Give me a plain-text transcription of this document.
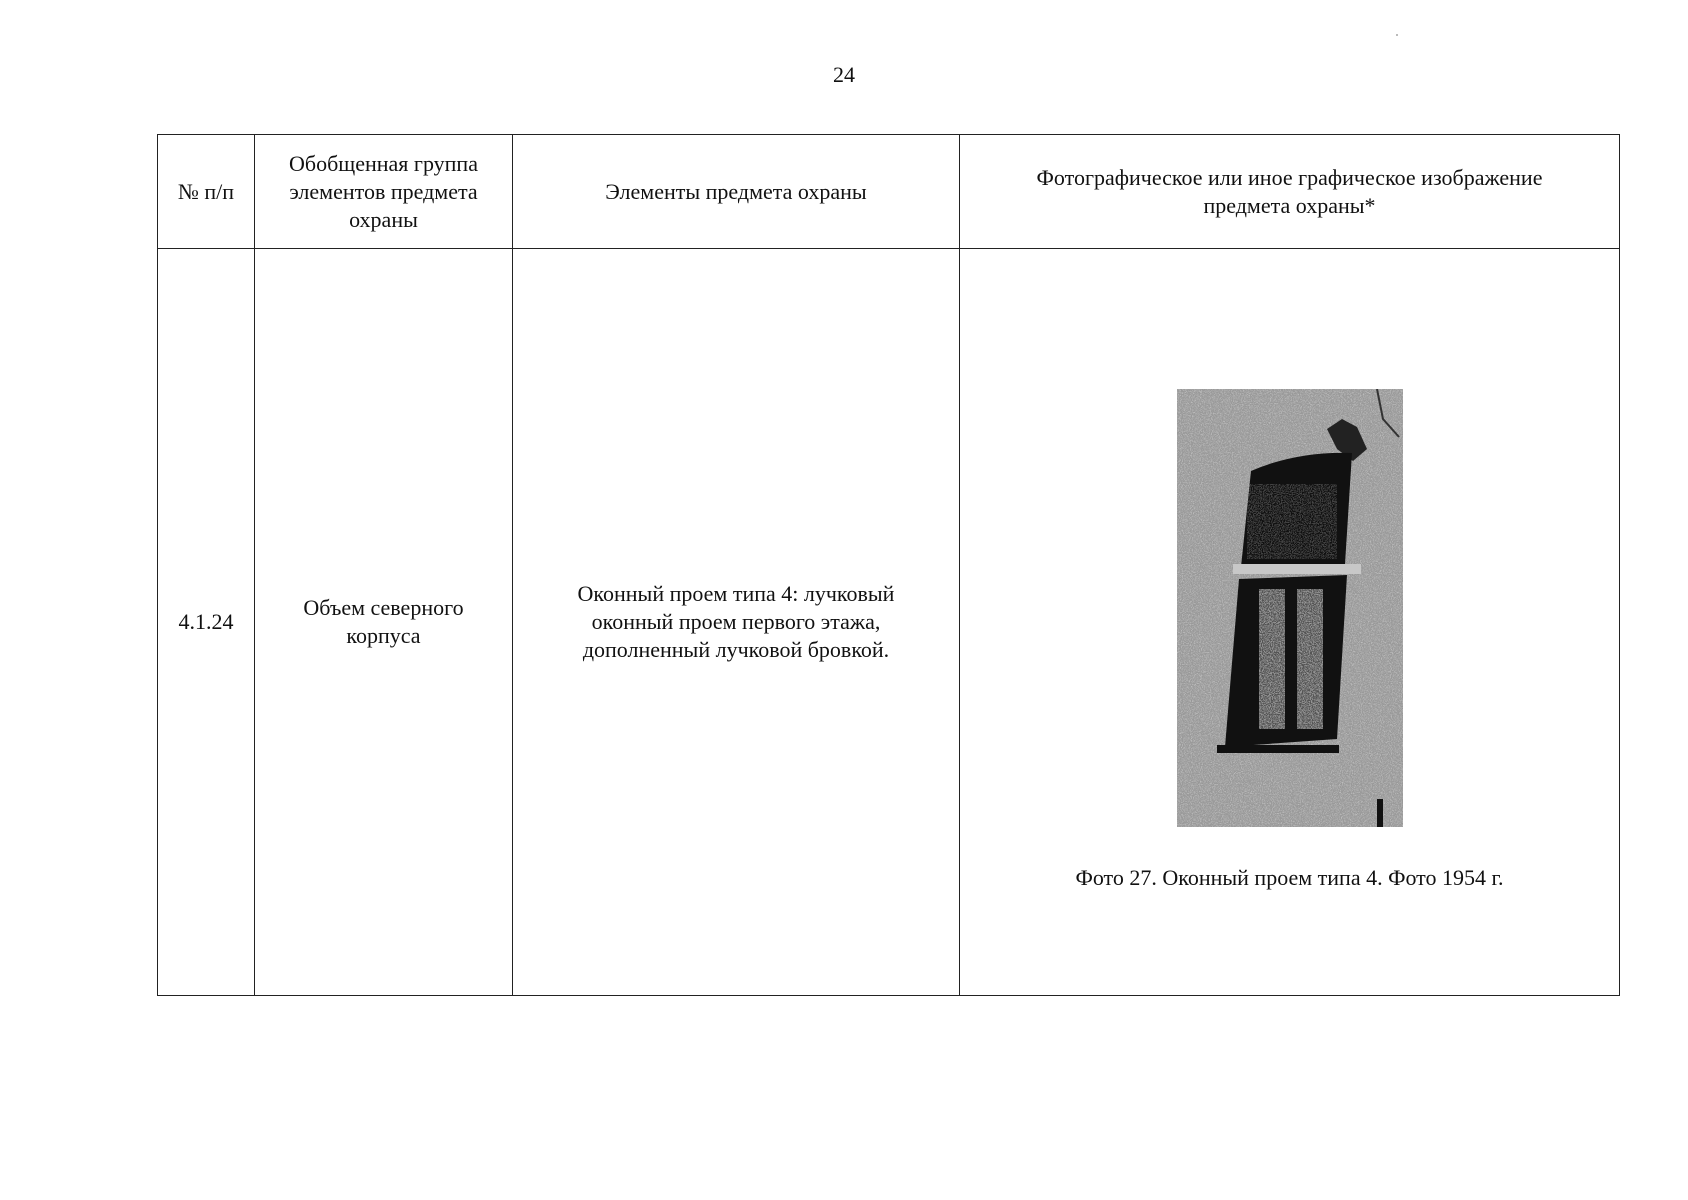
24
№ п/п	Обобщенная группа элементов предмета охраны	Элементы предмета охраны	Фотографическое или иное графическое изображение предмета охраны*
4.1.24	Объем северного корпуса	Оконный проем типа 4: лучковый оконный проем первого этажа, дополненный лучковой бровкой.	Фото 27. Оконный проем типа 4. Фото 1954 г.
